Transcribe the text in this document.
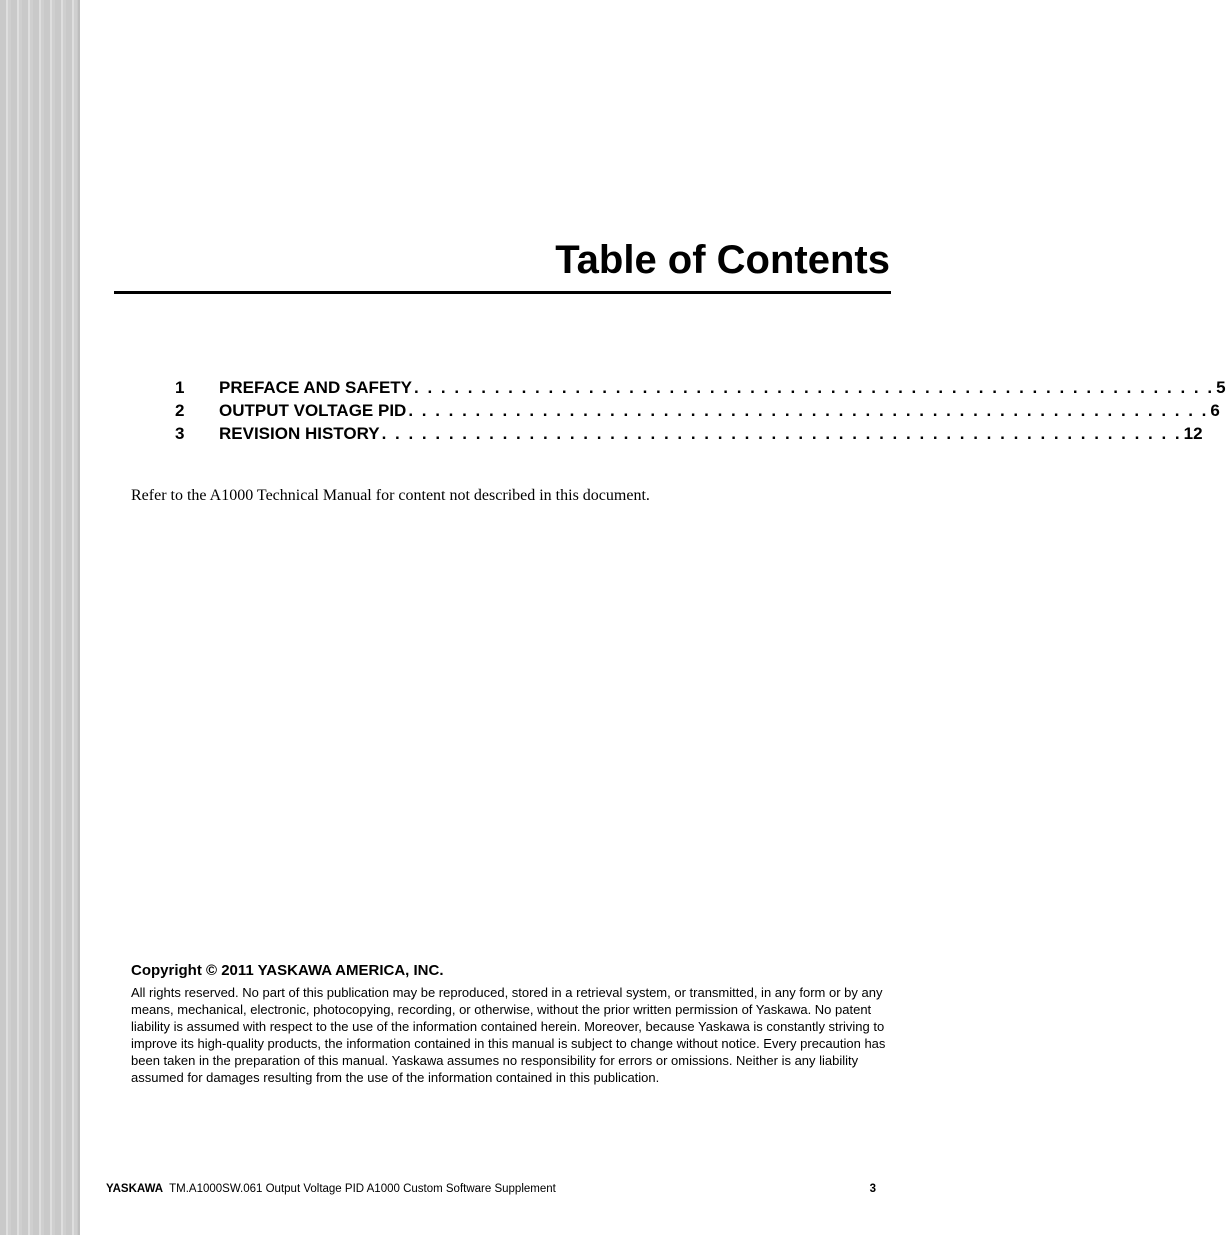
Table of Contents
1	PREFACE AND SAFETY . . . . . . . . . . . . . . . . . . . . . . . . . . . . . . . . . . . . . . . . . . . . . . . . . . . . . . . . . . . . 5
2	OUTPUT VOLTAGE PID . . . . . . . . . . . . . . . . . . . . . . . . . . . . . . . . . . . . . . . . . . . . . . . . . . . . . . . . . . . . 6
3	REVISION HISTORY . . . . . . . . . . . . . . . . . . . . . . . . . . . . . . . . . . . . . . . . . . . . . . . . . . . . . . . . . . . . 12

Refer to the A1000 Technical Manual for content not described in this document.

Copyright © 2011 YASKAWA AMERICA, INC.

All rights reserved. No part of this publication may be reproduced, stored in a retrieval system, or transmitted, in any form or by any means, mechanical, electronic, photocopying, recording, or otherwise, without the prior written permission of Yaskawa. No patent liability is assumed with respect to the use of the information contained herein. Moreover, because Yaskawa is constantly striving to improve its high-quality products, the information contained in this manual is subject to change without notice. Every precaution has been taken in the preparation of this manual. Yaskawa assumes no responsibility for errors or omissions. Neither is any liability assumed for damages resulting from the use of the information contained in this publication.

YASKAWA TM.A1000SW.061 Output Voltage PID A1000 Custom Software Supplement	3
